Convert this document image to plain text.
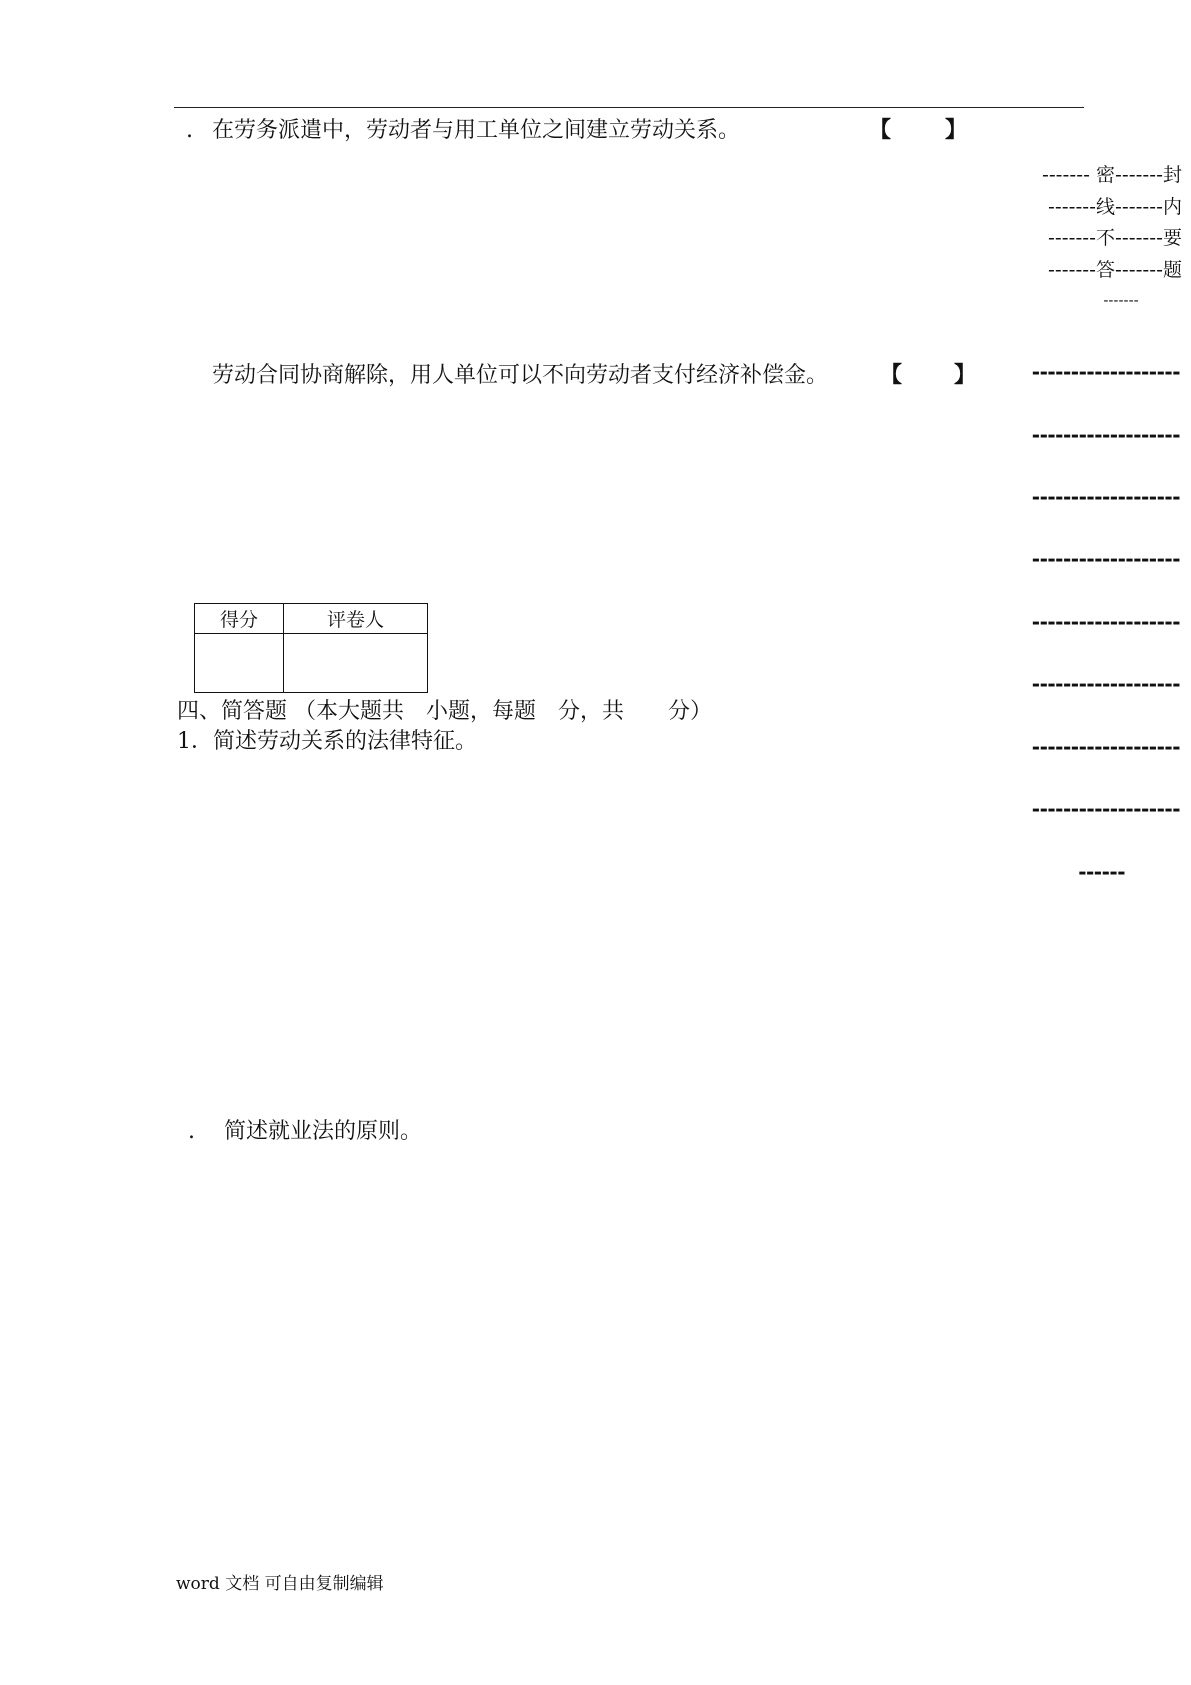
.
. 在劳务派遣中，劳动者与用工单位之间建立劳动关系。	【 】
------- 密-------封
-------线-------内
-------不-------要
-------答-------题
-------
劳动合同协商解除，用人单位可以不向劳动者支付经济补偿金。 【 】	-------------------
-------------------
-------------------
-------------------
-------------------
-------------------
-------------------
-------------------
------
得分	评卷人

四、简答题 （本大题共　小题，每题　分，共　　分）
1．简述劳动关系的法律特征。
. 简述就业法的原则。
word 文档 可自由复制编辑
